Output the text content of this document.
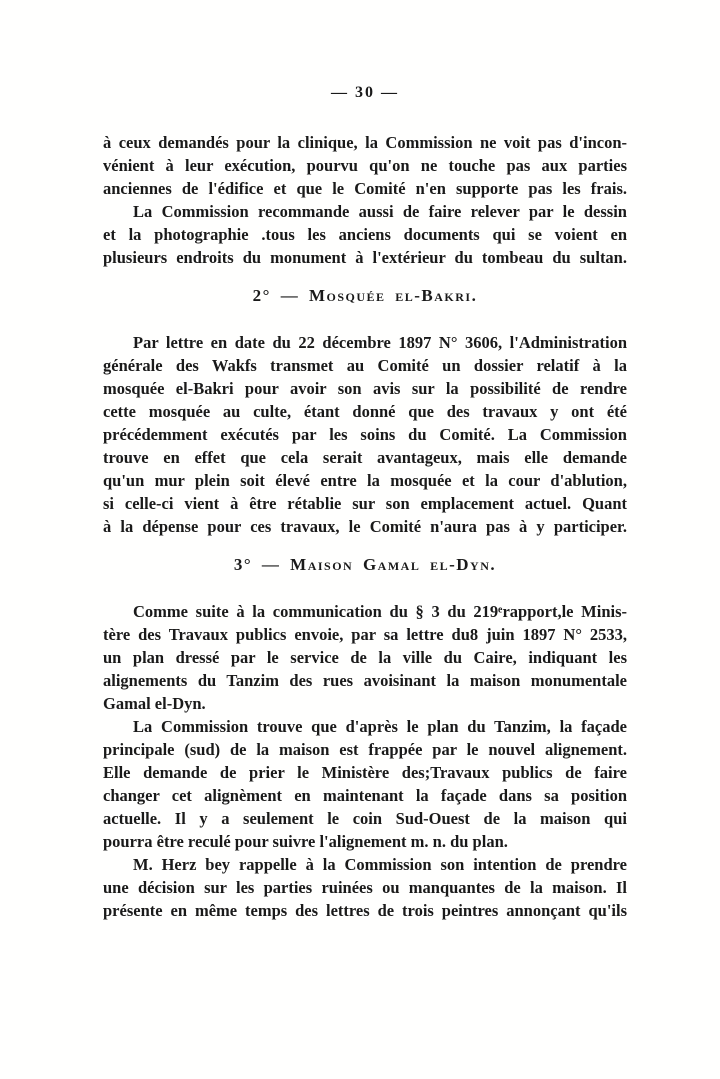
— 30 —
à ceux demandés pour la clinique, la Commission ne voit pas d'incon-
vénient à leur exécution, pourvu qu'on ne touche pas aux parties
anciennes de l'édifice et que le Comité n'en supporte pas les frais.
La Commission recommande aussi de faire relever par le dessin
et la photographie .tous les anciens documents qui se voient en
plusieurs endroits du monument à l'extérieur du tombeau du sultan.
2° — Mosquée el-Bakri.
Par lettre en date du 22 décembre 1897 N° 3606, l'Administration
générale des Wakfs transmet au Comité un dossier relatif à la
mosquée el-Bakri pour avoir son avis sur la possibilité de rendre
cette mosquée au culte, étant donné que des travaux y ont été
précédemment exécutés par les soins du Comité. La Commission
trouve en effet que cela serait avantageux, mais elle demande
qu'un mur plein soit élevé entre la mosquée et la cour d'ablution,
si celle-ci vient à être rétablie sur son emplacement actuel. Quant
à la dépense pour ces travaux, le Comité n'aura pas à y participer.
3° — Maison Gamal el-Dyn.
Comme suite à la communication du § 3 du 219ᵉrapport,le Minis-
tère des Travaux publics envoie, par sa lettre du8 juin 1897 N° 2533,
un plan dressé par le service de la ville du Caire, indiquant les
alignements du Tanzim des rues avoisinant la maison monumentale
Gamal el-Dyn.
La Commission trouve que d'après le plan du Tanzim, la façade
principale (sud) de la maison est frappée par le nouvel alignement.
Elle demande de prier le Ministère des;Travaux publics de faire
changer cet alignèment en maintenant la façade dans sa position
actuelle. Il y a seulement le coin Sud-Ouest de la maison qui
pourra être reculé pour suivre l'alignement m. n. du plan.
M. Herz bey rappelle à la Commission son intention de prendre
une décision sur les parties ruinées ou manquantes de la maison. Il
présente en même temps des lettres de trois peintres annonçant qu'ils
